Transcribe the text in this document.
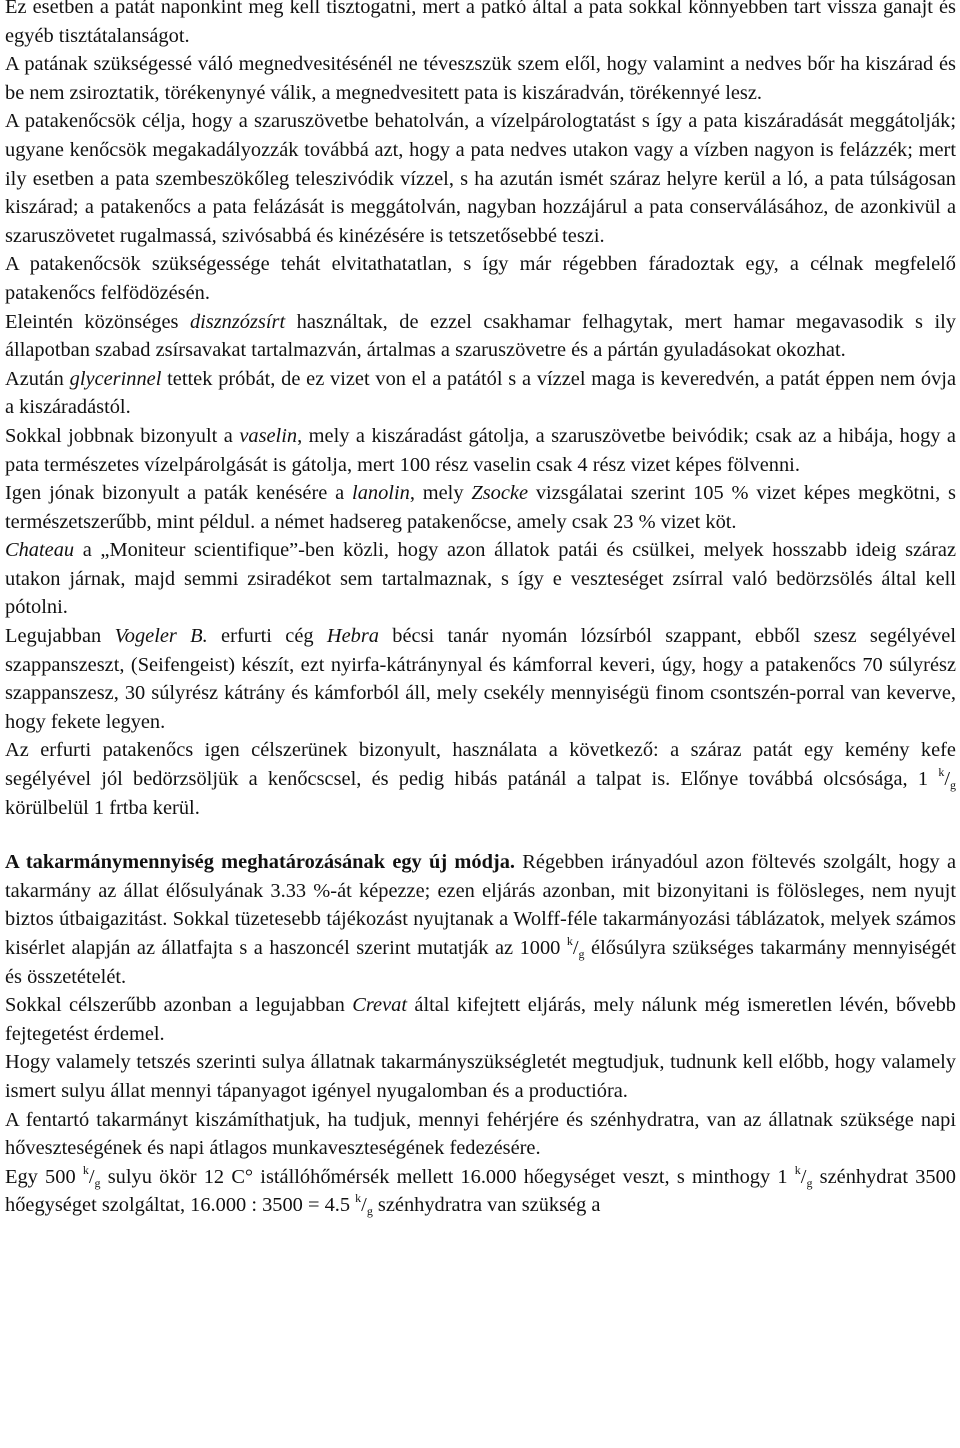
Ez esetben a patát naponkint meg kell tisztogatni, mert a patkó által a pata sokkal könnyebben tart vissza ganajt és egyéb tisztátalanságot.

A patának szükségessé váló megnedvesitésénél ne téveszszük szem elől, hogy valamint a nedves bőr ha kiszárad és be nem zsiroztatik, törékenynyé válik, a megnedvesitett pata is kiszáradván, törékennyé lesz.

A patakenőcsök célja, hogy a szaruszövetbe behatolván, a vízelpárologtatást s így a pata kiszáradását meggátolják; ugyane kenőcsök megakadályozzák továbbá azt, hogy a pata nedves utakon vagy a vízben nagyon is felázzék; mert ily esetben a pata szembeszökőleg teleszivódik vízzel, s ha azután ismét száraz helyre kerül a ló, a pata túlságosan kiszárad; a patakenőcs a pata felázását is meggátolván, nagyban hozzájárul a pata conserválásához, de azonkivül a szaruszövetet rugalmassá, szivósabbá és kinézésére is tetszetősebbé teszi.

A patakenőcsök szükségessége tehát elvitathatatlan, s így már régebben fáradoztak egy, a célnak megfelelő patakenőcs felfödözésén.

Eleintén közönséges disznzózsírt használtak, de ezzel csakhamar felhagytak, mert hamar megavasodik s ily állapotban szabad zsírsavakat tartalmazván, ártalmas a szaruszövetre és a pártán gyuladásokat okozhat.

Azután glycerinnel tettek próbát, de ez vizet von el a patától s a vízzel maga is keveredvén, a patát éppen nem óvja a kiszáradástól.

Sokkal jobbnak bizonyult a vaselin, mely a kiszáradást gátolja, a szaruszövetbe beivódik; csak az a hibája, hogy a pata természetes vízelpárolgását is gátolja, mert 100 rész vaselin csak 4 rész vizet képes fölvenni.

Igen jónak bizonyult a paták kenésére a lanolin, mely Zsocke vizsgálatai szerint 105 % vizet képes megkötni, s természetszerűbb, mint példul. a német hadsereg patakenőcse, amely csak 23 % vizet köt.

Chateau a „Moniteur scientifique”-ben közli, hogy azon állatok patái és csülkei, melyek hosszabb ideig száraz utakon járnak, majd semmi zsiradékot sem tartalmaznak, s így e veszteséget zsírral való bedörzsölés által kell pótolni.

Legujabban Vogeler B. erfurti cég Hebra bécsi tanár nyomán lózsírból szappant, ebből szesz segélyével szappanszeszt, (Seifengeist) készít, ezt nyirfa-kátránynyal és kámforral keveri, úgy, hogy a patakenőcs 70 súlyrész szappanszesz, 30 súlyrész kátrány és kámforból áll, mely csekély mennyiségü finom csontszén-porral van keverve, hogy fekete legyen.

Az erfurti patakenőcs igen célszerünek bizonyult, használata a következő: a száraz patát egy kemény kefe segélyével jól bedörzsöljük a kenőcscsel, és pedig hibás patánál a talpat is. Előnye továbbá olcsósága, 1 $^k/_g$ körülbelül 1 frtba kerül.

A takarmánymennyiség meghatározásának egy új módja. Régebben irányadóul azon föltevés szolgált, hogy a takarmány az állat élősulyának 3.33 %-át képezze; ezen eljárás azonban, mit bizonyitani is fölösleges, nem nyujt biztos útbaigazitást. Sokkal tüzetesebb tájékozást nyujtanak a Wolff-féle takarmányozási táblázatok, melyek számos kisérlet alapján az állatfajta s a haszoncél szerint mutatják az 1000 $^k/_g$ élősúlyra szükséges takarmány mennyiségét és összetételét.

Sokkal célszerűbb azonban a legujabban Crevat által kifejtett eljárás, mely nálunk még ismeretlen lévén, bővebb fejtegetést érdemel.

Hogy valamely tetszés szerinti sulya állatnak takarmányszükségletét megtudjuk, tudnunk kell előbb, hogy valamely ismert sulyu állat mennyi tápanyagot igényel nyugalomban és a productióra.

A fentartó takarmányt kiszámíthatjuk, ha tudjuk, mennyi fehérjére és szénhydratra, van az állatnak szüksége napi hőveszteségének és napi átlagos munkaveszteségének fedezésére.

Egy 500 $^k/_g$ sulyu ökör 12 C° istállóhőmérsék mellett 16.000 hőegységet veszt, s minthogy 1 $^k/_g$ szénhydrat 3500 hőegységet szolgáltat, 16.000 : 3500 = 4.5 $^k/_g$ szénhydratra van szükség a
